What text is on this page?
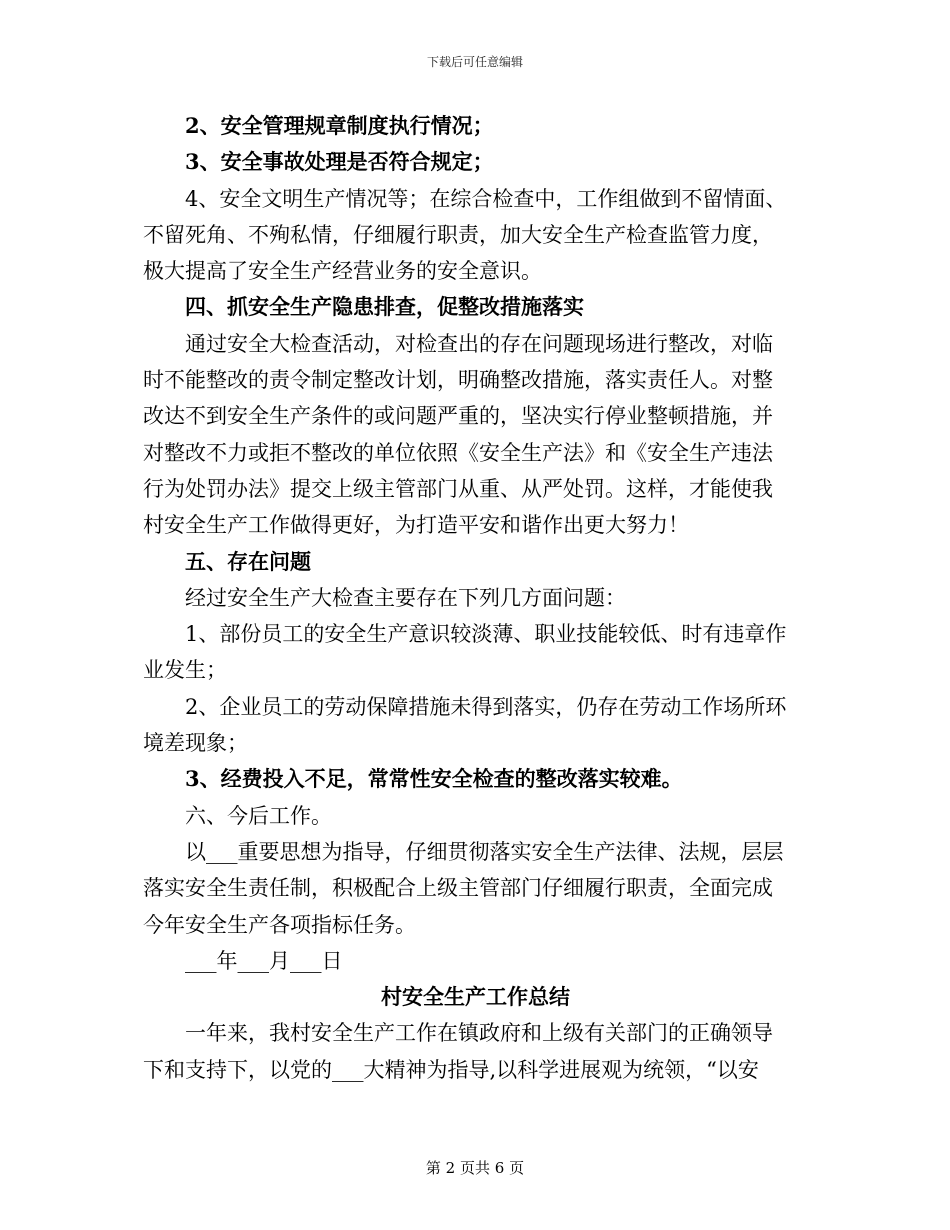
下载后可任意编辑

2、安全管理规章制度执行情况；

3、安全事故处理是否符合规定；

4、安全文明生产情况等；在综合检查中，工作组做到不留情面、

不留死角、不殉私情，仔细履行职责，加大安全生产检查监管力度，

极大提高了安全生产经营业务的安全意识。

四、抓安全生产隐患排查，促整改措施落实

通过安全大检查活动，对检查出的存在问题现场进行整改，对临

时不能整改的责令制定整改计划，明确整改措施，落实责任人。对整

改达不到安全生产条件的或问题严重的，坚决实行停业整顿措施，并

对整改不力或拒不整改的单位依照《安全生产法》和《安全生产违法

行为处罚办法》提交上级主管部门从重、从严处罚。这样，才能使我

村安全生产工作做得更好，为打造平安和谐作出更大努力！

五、存在问题

经过安全生产大检查主要存在下列几方面问题：

1、部份员工的安全生产意识较淡薄、职业技能较低、时有违章作

业发生；

2、企业员工的劳动保障措施未得到落实，仍存在劳动工作场所环

境差现象；

3、经费投入不足，常常性安全检查的整改落实较难。

六、今后工作。

以___重要思想为指导，仔细贯彻落实安全生产法律、法规，层层

落实安全生责任制，积极配合上级主管部门仔细履行职责，全面完成

今年安全生产各项指标任务。

___年___月___日

村安全生产工作总结

一年来，我村安全生产工作在镇政府和上级有关部门的正确领导

下和支持下，以党的___大精神为指导,以科学进展观为统领，“以安

第 2 页共 6 页
